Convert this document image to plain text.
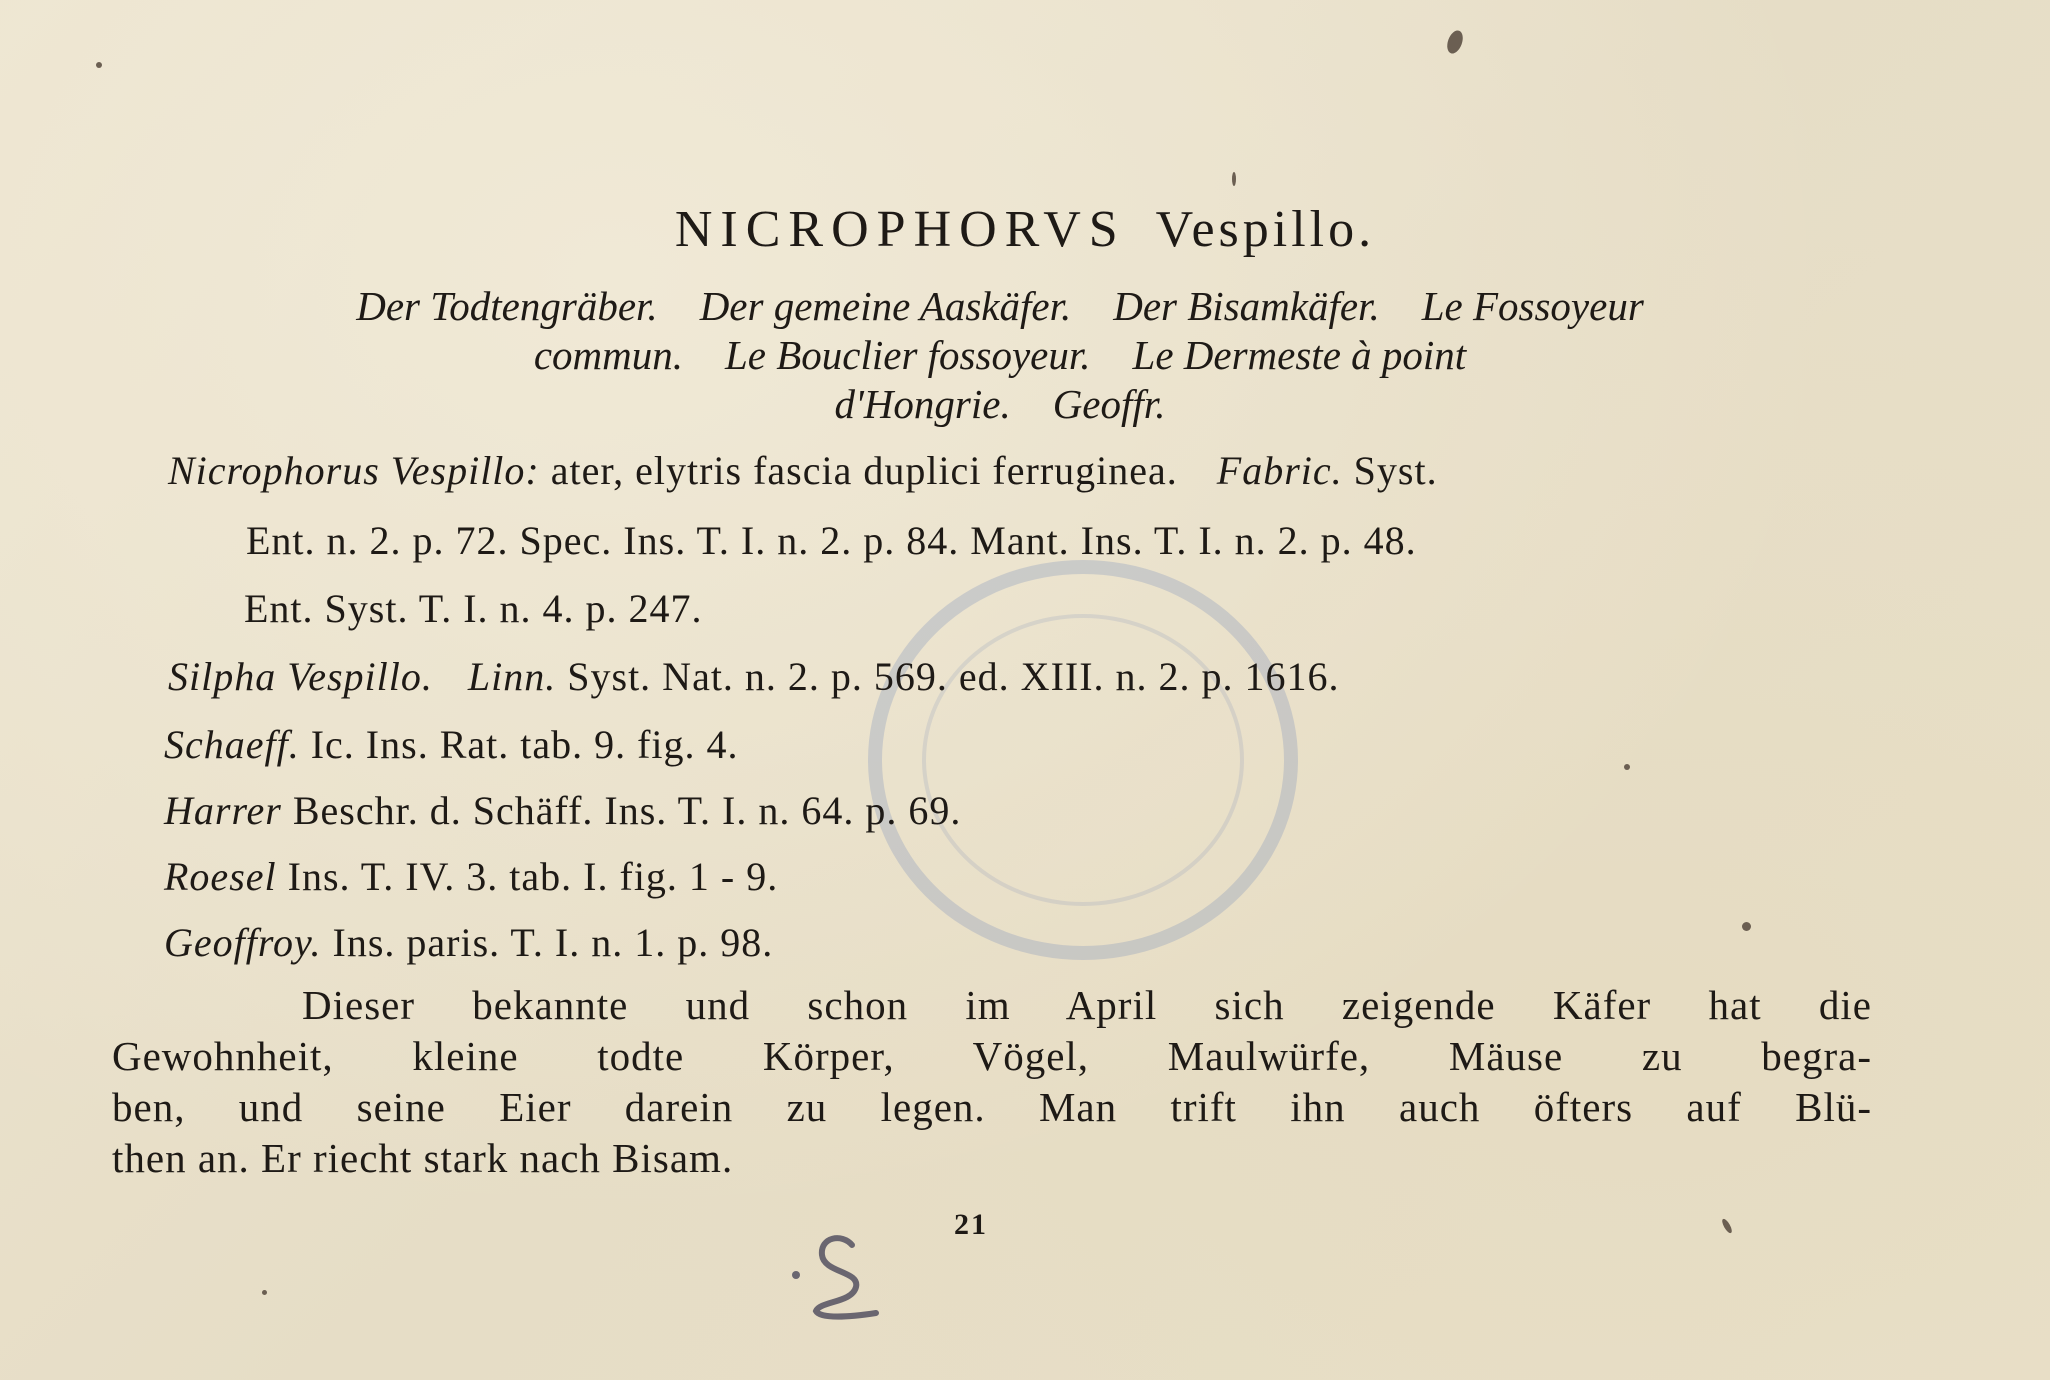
NICROPHORVS Vespillo.
Der Todtengräber. Der gemeine Aaskäfer. Der Bisamkäfer. Le Fossoyeur
commun. Le Bouclier fossoyeur. Le Dermeste à point
d'Hongrie. Geoffr.
Nicrophorus Vespillo: ater, elytris fascia duplici ferruginea. Fabric. Syst.
Ent. n. 2. p. 72. Spec. Ins. T. I. n. 2. p. 84. Mant. Ins. T. I. n. 2. p. 48.
Ent. Syst. T. I. n. 4. p. 247.
Silpha Vespillo. Linn. Syst. Nat. n. 2. p. 569. ed. XIII. n. 2. p. 1616.
Schaeff. Ic. Ins. Rat. tab. 9. fig. 4.
Harrer Beschr. d. Schäff. Ins. T. I. n. 64. p. 69.
Roesel Ins. T. IV. 3. tab. I. fig. 1 - 9.
Geoffroy. Ins. paris. T. I. n. 1. p. 98.
Dieser bekannte und schon im April sich zeigende Käfer hat die
Gewohnheit, kleine todte Körper, Vögel, Maulwürfe, Mäuse zu begra-
ben, und seine Eier darein zu legen. Man trift ihn auch öfters auf Blü-
then an. Er riecht stark nach Bisam.
21
